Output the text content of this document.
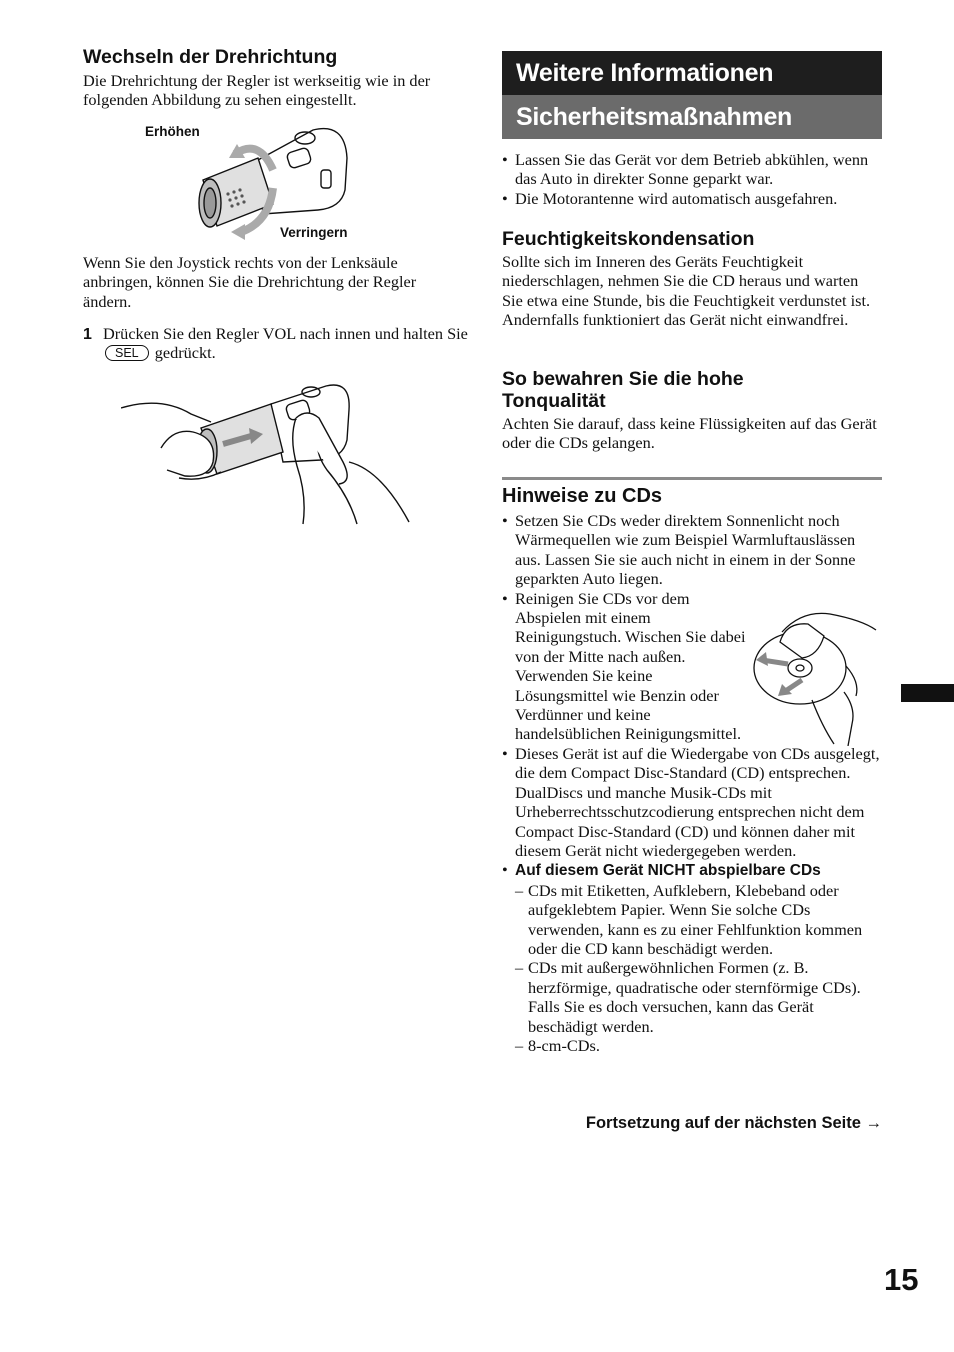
Wechseln der Drehrichtung

Die Drehrichtung der Regler ist werkseitig wie in der folgenden Abbildung zu sehen eingestellt.

Erhöhen
Verringern

Wenn Sie den Joystick rechts von der Lenksäule anbringen, können Sie die Drehrichtung der Regler ändern.

1 Drücken Sie den Regler VOL nach innen und halten Sie SEL gedrückt.

Weitere Informationen
Sicherheitsmaßnahmen
• Lassen Sie das Gerät vor dem Betrieb abkühlen, wenn das Auto in direkter Sonne geparkt war.
• Die Motorantenne wird automatisch ausgefahren.
Feuchtigkeitskondensation

Sollte sich im Inneren des Geräts Feuchtigkeit niederschlagen, nehmen Sie die CD heraus und warten Sie etwa eine Stunde, bis die Feuchtigkeit verdunstet ist. Andernfalls funktioniert das Gerät nicht einwandfrei.

So bewahren Sie die hohe
Tonqualität

Achten Sie darauf, dass keine Flüssigkeiten auf das Gerät oder die CDs gelangen.

Hinweise zu CDs
• Setzen Sie CDs weder direktem Sonnenlicht noch Wärmequellen wie zum Beispiel Warmluftauslässen aus. Lassen Sie sie auch nicht in einem in der Sonne geparkten Auto liegen.
• Reinigen Sie CDs vor dem Abspielen mit einem Reinigungstuch. Wischen Sie dabei von der Mitte nach außen. Verwenden Sie keine Lösungsmittel wie Benzin oder Verdünner und keine handelsüblichen Reinigungsmittel.
• Dieses Gerät ist auf die Wiedergabe von CDs ausgelegt, die dem Compact Disc-Standard (CD) entsprechen. DualDiscs und manche Musik-CDs mit Urheberrechtsschutzcodierung entsprechen nicht dem Compact Disc-Standard (CD) und können daher mit diesem Gerät nicht wiedergegeben werden.
• Auf diesem Gerät NICHT abspielbare CDs
– CDs mit Etiketten, Aufklebern, Klebeband oder aufgeklebtem Papier. Wenn Sie solche CDs verwenden, kann es zu einer Fehlfunktion kommen oder die CD kann beschädigt werden.
– CDs mit außergewöhnlichen Formen (z. B. herzförmige, quadratische oder sternförmige CDs). Falls Sie es doch versuchen, kann das Gerät beschädigt werden.
– 8-cm-CDs.
Fortsetzung auf der nächsten Seite →
15
